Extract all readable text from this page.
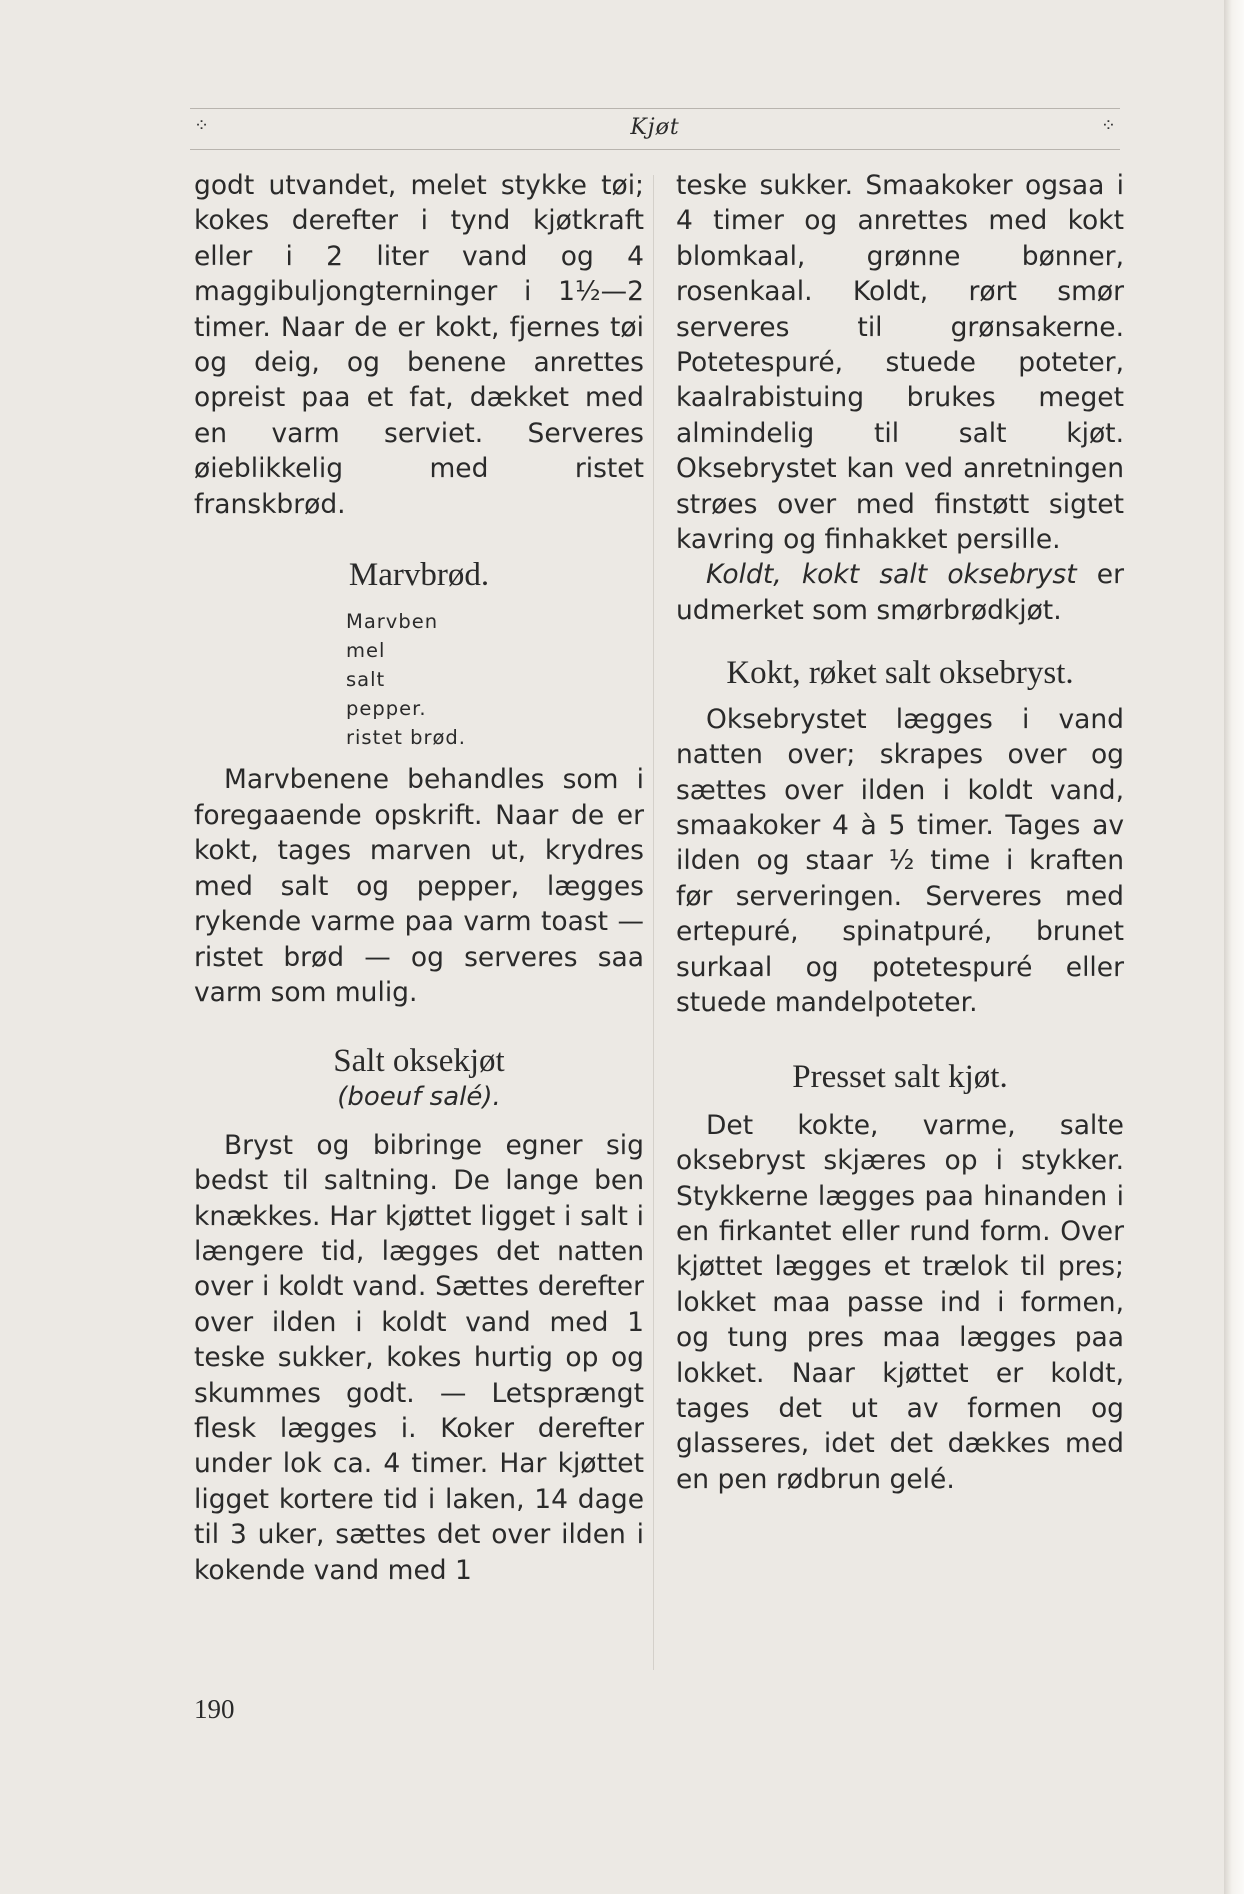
⁘	Kjøt	⁘

godt utvandet, melet stykke tøi; kokes derefter i tynd kjøtkraft eller i 2 liter vand og 4 maggibuljongterninger i 1½—2 timer. Naar de er kokt, fjernes tøi og deig, og benene anrettes opreist paa et fat, dækket med en varm serviet. Serveres øieblikkelig med ristet franskbrød.

Marvbrød.
Marvben
mel
salt
pepper.
ristet brød.

Marvbenene behandles som i foregaaende opskrift. Naar de er kokt, tages marven ut, krydres med salt og pepper, lægges rykende varme paa varm toast — ristet brød — og serveres saa varm som mulig.

Salt oksekjøt
(boeuf salé).

Bryst og bibringe egner sig bedst til saltning. De lange ben knækkes. Har kjøttet ligget i salt i længere tid, lægges det natten over i koldt vand. Sættes derefter over ilden i koldt vand med 1 teske sukker, kokes hurtig op og skummes godt. — Letsprængt flesk lægges i. Koker derefter under lok ca. 4 timer. Har kjøttet ligget kortere tid i laken, 14 dage til 3 uker, sættes det over ilden i kokende vand med 1

teske sukker. Smaakoker ogsaa i 4 timer og anrettes med kokt blomkaal, grønne bønner, rosenkaal. Koldt, rørt smør serveres til grønsakerne. Potetespuré, stuede poteter, kaalrabistuing brukes meget almindelig til salt kjøt. Oksebrystet kan ved anretningen strøes over med finstøtt sigtet kavring og finhakket persille.

Koldt, kokt salt oksebryst er udmerket som smørbrødkjøt.

Kokt, røket salt oksebryst.

Oksebrystet lægges i vand natten over; skrapes over og sættes over ilden i koldt vand, smaakoker 4 à 5 timer. Tages av ilden og staar ½ time i kraften før serveringen. Serveres med ertepuré, spinatpuré, brunet surkaal og potetespuré eller stuede mandelpoteter.

Presset salt kjøt.

Det kokte, varme, salte oksebryst skjæres op i stykker. Stykkerne lægges paa hinanden i en firkantet eller rund form. Over kjøttet lægges et trælok til pres; lokket maa passe ind i formen, og tung pres maa lægges paa lokket. Naar kjøttet er koldt, tages det ut av formen og glasseres, idet det dækkes med en pen rødbrun gelé.

190
